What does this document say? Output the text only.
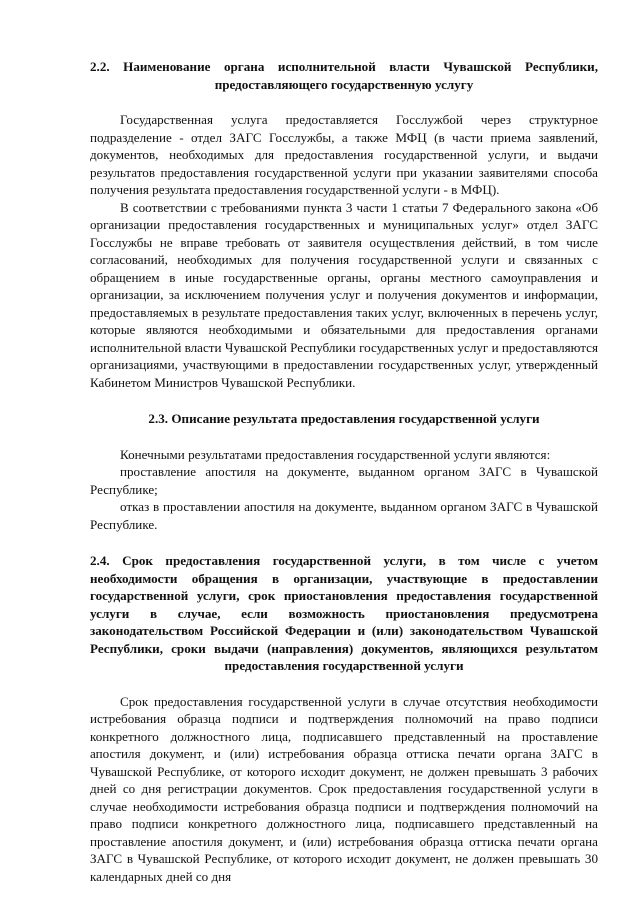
2.2. Наименование органа исполнительной власти Чувашской Республики, предоставляющего государственную услугу

Государственная услуга предоставляется Госслужбой через структурное подразделение - отдел ЗАГС Госслужбы, а также МФЦ (в части приема заявлений, документов, необходимых для предоставления государственной услуги, и выдачи результатов предоставления государственной услуги при указании заявителями способа получения результата предоставления государственной услуги - в МФЦ).

В соответствии с требованиями пункта 3 части 1 статьи 7 Федерального закона «Об организации предоставления государственных и муниципальных услуг» отдел ЗАГС Госслужбы не вправе требовать от заявителя осуществления действий, в том числе согласований, необходимых для получения государственной услуги и связанных с обращением в иные государственные органы, органы местного самоуправления и организации, за исключением получения услуг и получения документов и информации, предоставляемых в результате предоставления таких услуг, включенных в перечень услуг, которые являются необходимыми и обязательными для предоставления органами исполнительной власти Чувашской Республики государственных услуг и предоставляются организациями, участвующими в предоставлении государственных услуг, утвержденный Кабинетом Министров Чувашской Республики.

2.3. Описание результата предоставления государственной услуги

Конечными результатами предоставления государственной услуги являются:

проставление апостиля на документе, выданном органом ЗАГС в Чувашской Республике;

отказ в проставлении апостиля на документе, выданном органом ЗАГС в Чувашской Республике.

2.4. Срок предоставления государственной услуги, в том числе с учетом необходимости обращения в организации, участвующие в предоставлении государственной услуги, срок приостановления предоставления государственной услуги в случае, если возможность приостановления предусмотрена законодательством Российской Федерации и (или) законодательством Чувашской Республики, сроки выдачи (направления) документов, являющихся результатом предоставления государственной услуги

Срок предоставления государственной услуги в случае отсутствия необходимости истребования образца подписи и подтверждения полномочий на право подписи конкретного должностного лица, подписавшего представленный на проставление апостиля документ, и (или) истребования образца оттиска печати органа ЗАГС в Чувашской Республике, от которого исходит документ, не должен превышать 3 рабочих дней со дня регистрации документов. Срок предоставления государственной услуги в случае необходимости истребования образца подписи и подтверждения полномочий на право подписи конкретного должностного лица, подписавшего представленный на проставление апостиля документ, и (или) истребования образца оттиска печати органа ЗАГС в Чувашской Республике, от которого исходит документ, не должен превышать 30 календарных дней со дня
